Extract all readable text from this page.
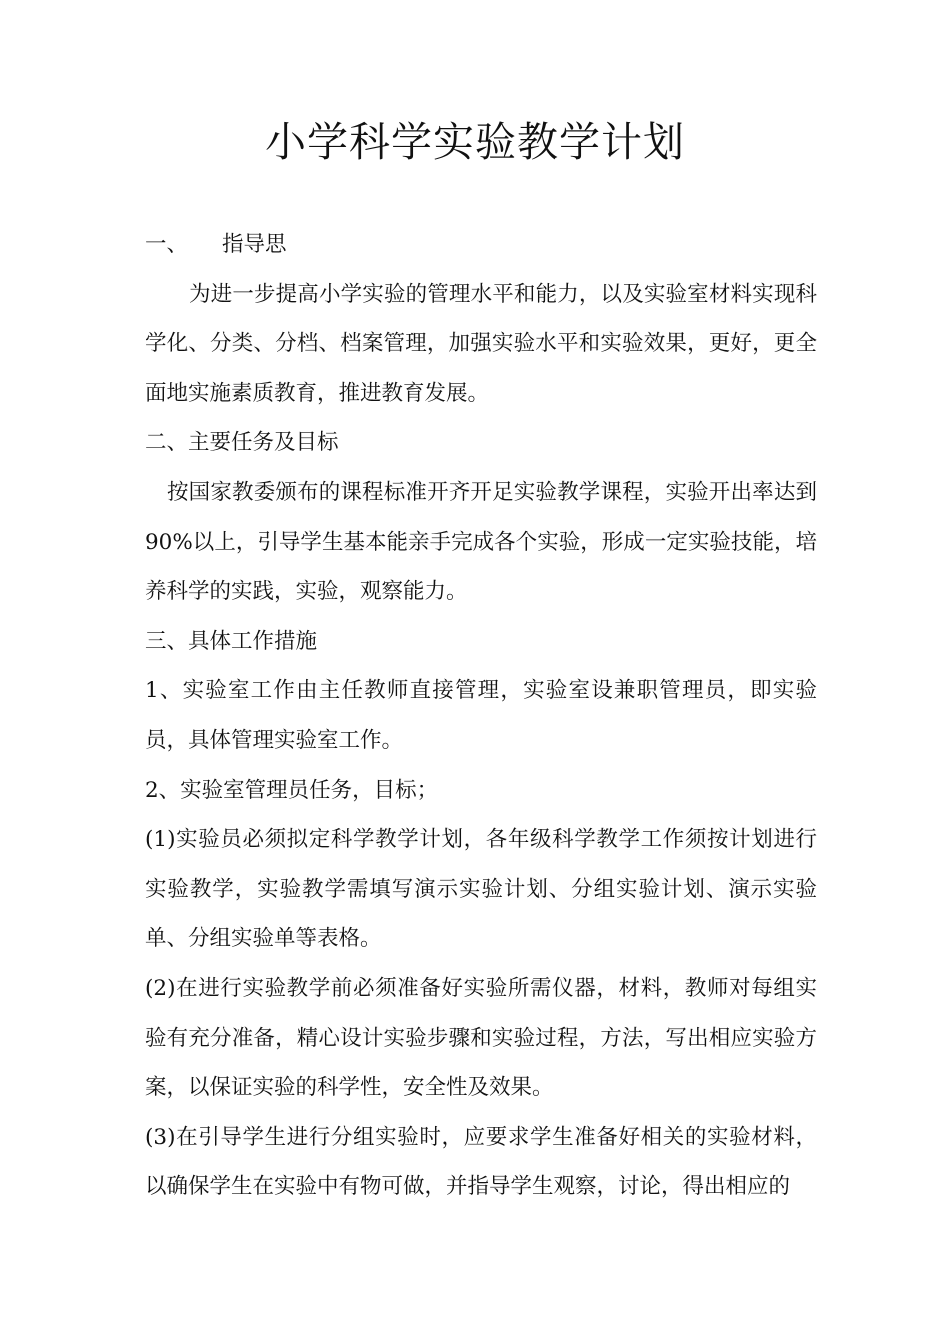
小学科学实验教学计划

一、 指导思

为进一步提高小学实验的管理水平和能力，以及实验室材料实现科学化、分类、分档、档案管理，加强实验水平和实验效果，更好，更全面地实施素质教育，推进教育发展。

二、主要任务及目标

按国家教委颁布的课程标准开齐开足实验教学课程，实验开出率达到 90%以上，引导学生基本能亲手完成各个实验，形成一定实验技能，培养科学的实践，实验，观察能力。

三、具体工作措施

1、实验室工作由主任教师直接管理，实验室设兼职管理员，即实验员，具体管理实验室工作。

2、实验室管理员任务，目标；

(1)实验员必须拟定科学教学计划，各年级科学教学工作须按计划进行实验教学，实验教学需填写演示实验计划、分组实验计划、演示实验单、分组实验单等表格。

(2)在进行实验教学前必须准备好实验所需仪器，材料，教师对每组实验有充分准备，精心设计实验步骤和实验过程，方法，写出相应实验方案，以保证实验的科学性，安全性及效果。

(3)在引导学生进行分组实验时，应要求学生准备好相关的实验材料，以确保学生在实验中有物可做，并指导学生观察，讨论，得出相应的
